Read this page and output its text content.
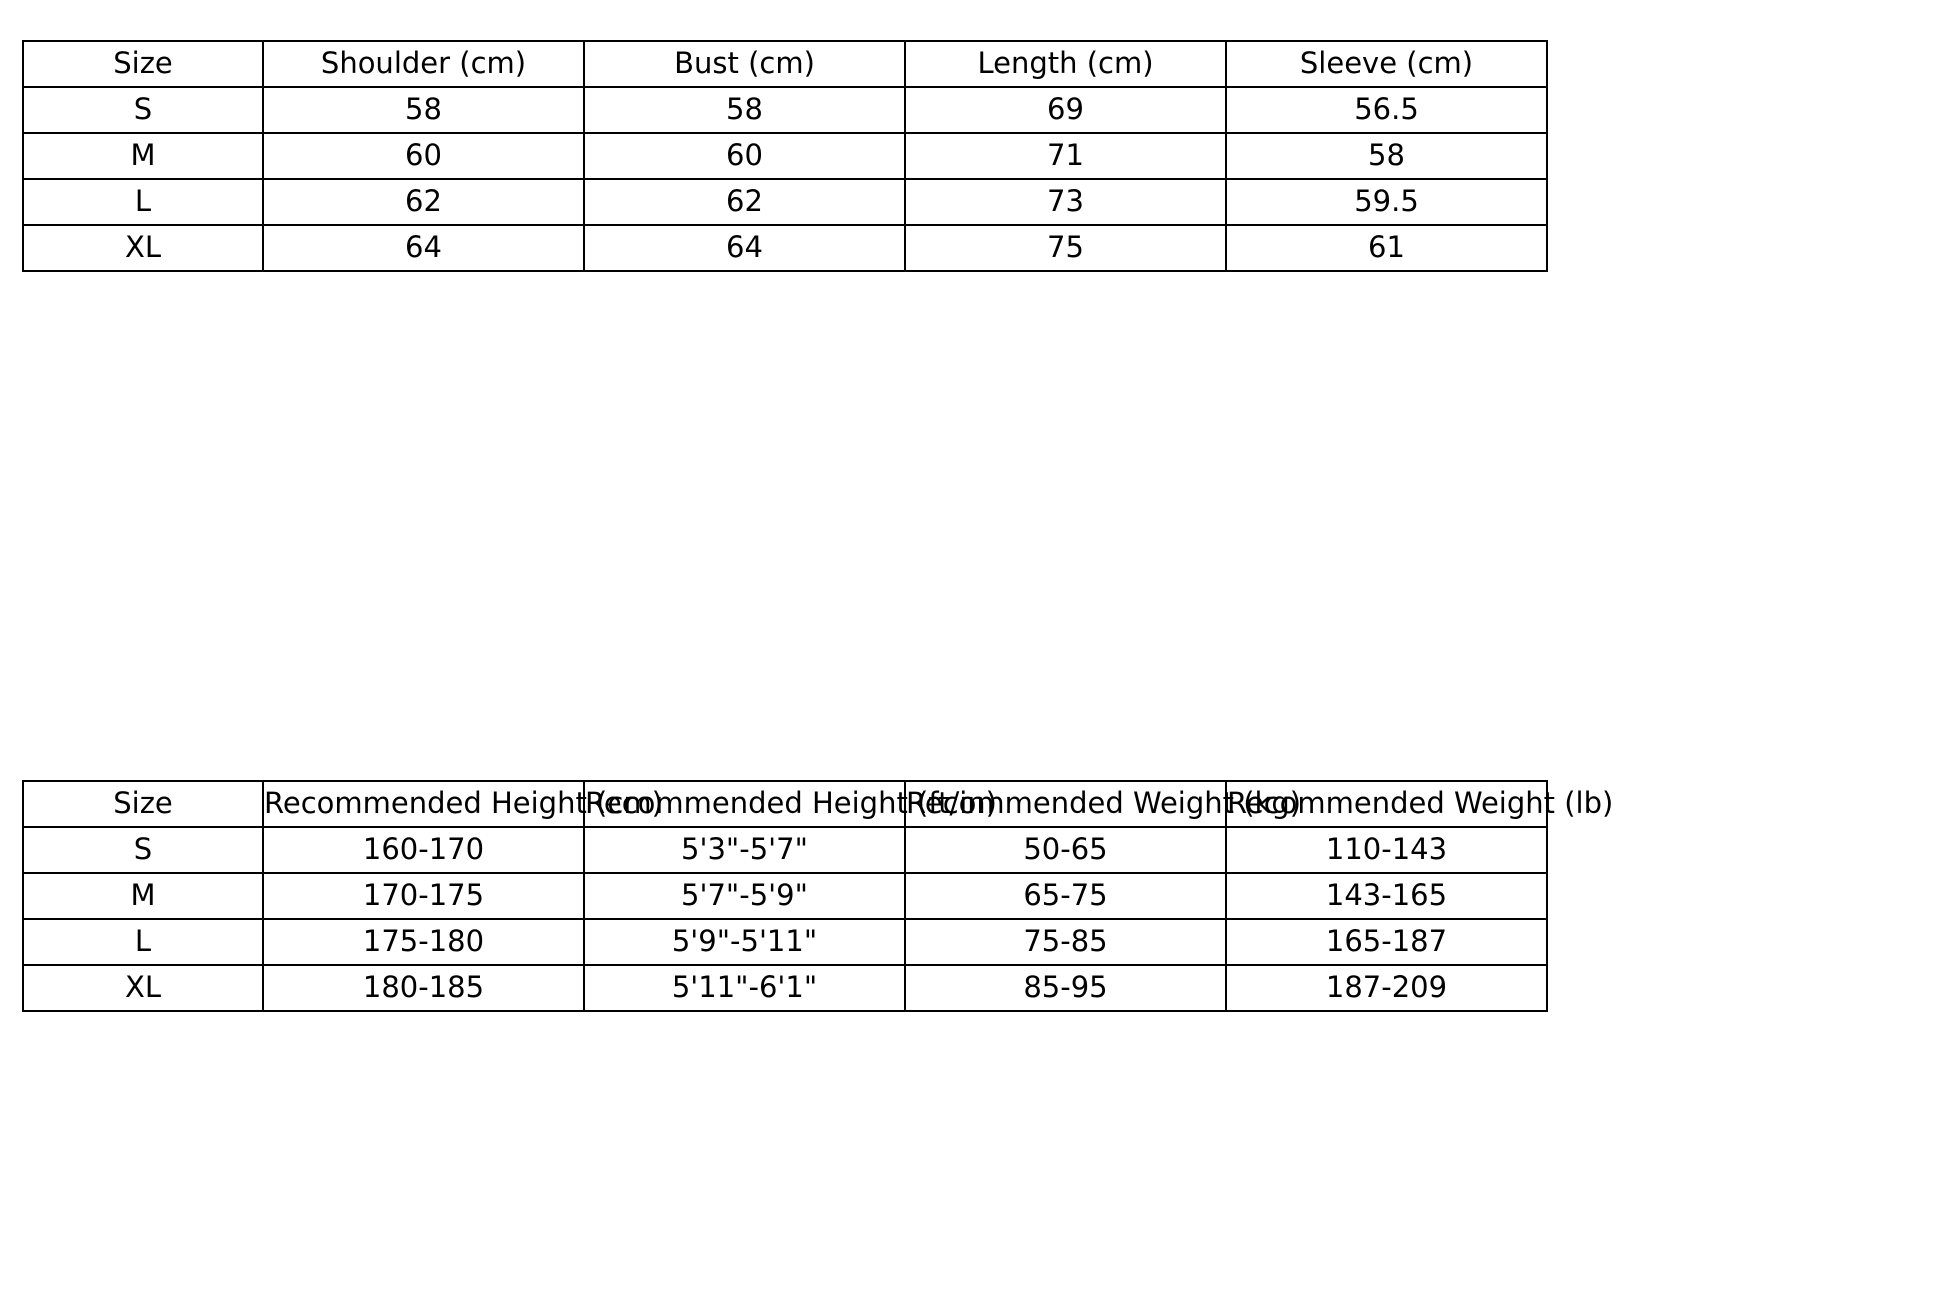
Size	Shoulder (cm)	Bust (cm)	Length (cm)	Sleeve (cm)
S	58	58	69	56.5
M	60	60	71	58
L	62	62	73	59.5
XL	64	64	75	61
Size	Recommended Height (cm)	Recommended Height (ft/in)	Recommended Weight (kg)	Recommended Weight (lb)
S	160-170	5'3"-5'7"	50-65	110-143
M	170-175	5'7"-5'9"	65-75	143-165
L	175-180	5'9"-5'11"	75-85	165-187
XL	180-185	5'11"-6'1"	85-95	187-209
